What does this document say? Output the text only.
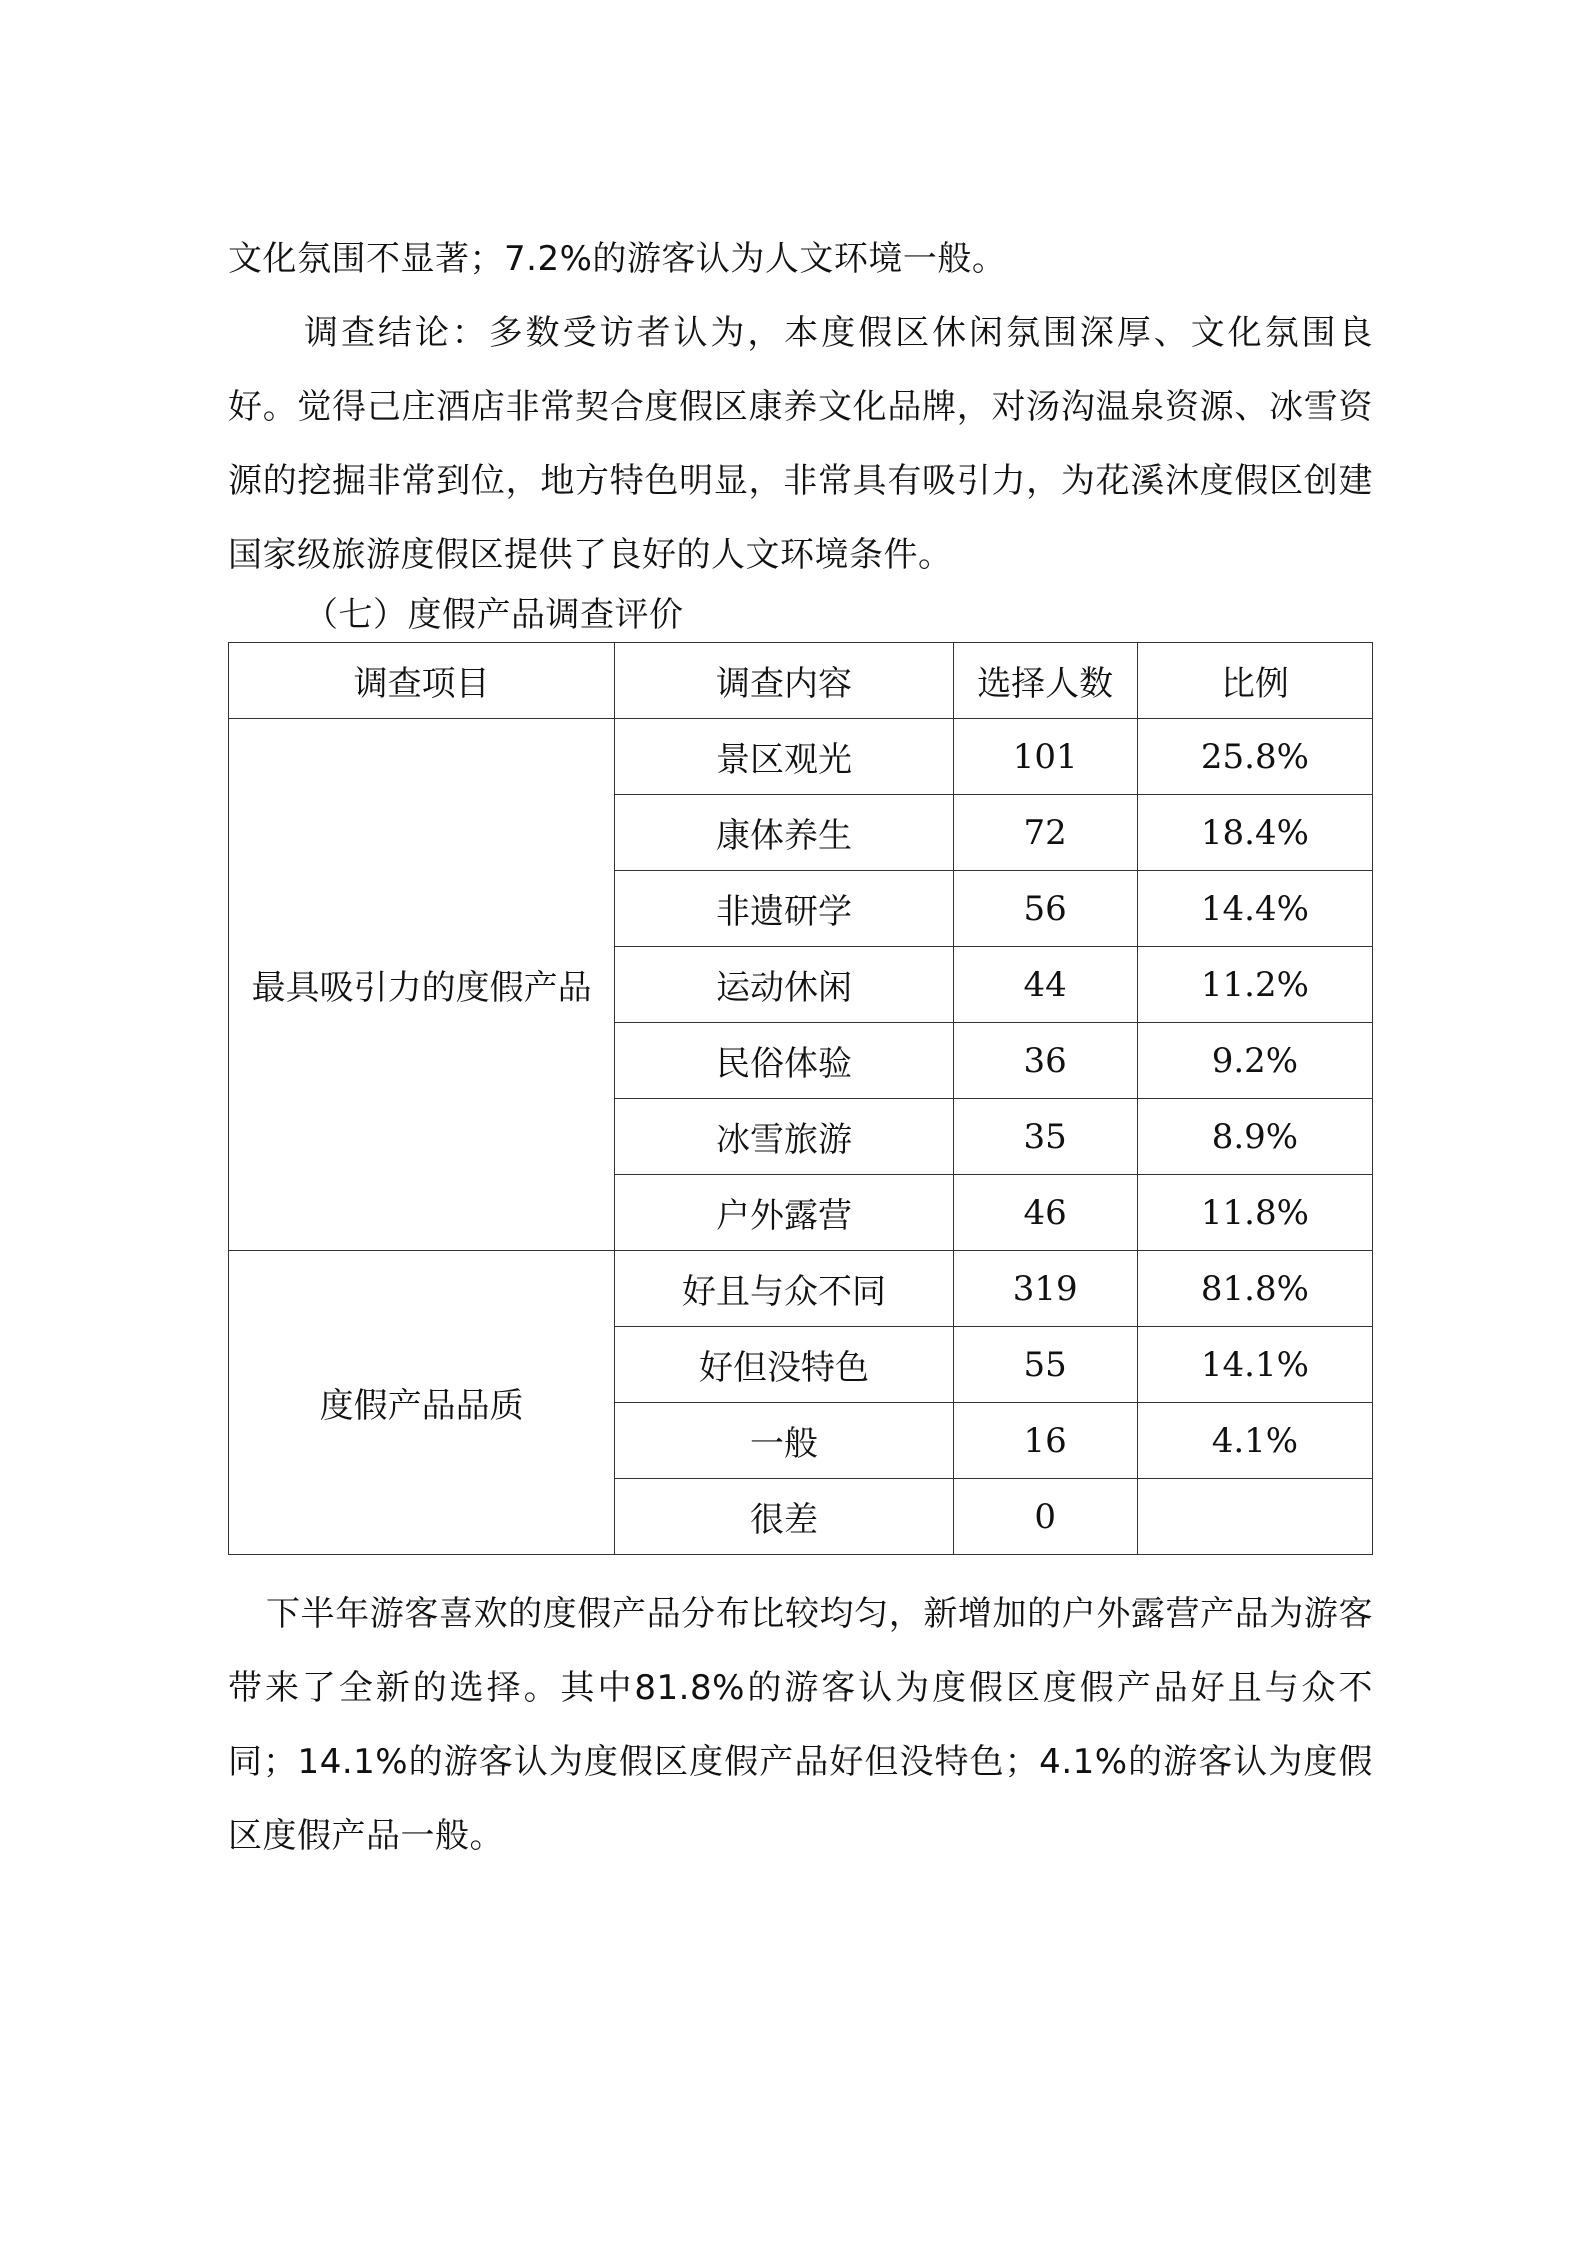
文化氛围不显著；7.2%的游客认为人文环境一般。

调查结论：多数受访者认为，本度假区休闲氛围深厚、文化氛围良好。觉得己庄酒店非常契合度假区康养文化品牌，对汤沟温泉资源、冰雪资源的挖掘非常到位，地方特色明显，非常具有吸引力，为花溪沐度假区创建国家级旅游度假区提供了良好的人文环境条件。

（七）度假产品调查评价
调查项目	调查内容	选择人数	比例
最具吸引力的度假产品	景区观光	101	25.8%
	康体养生	72	18.4%
	非遗研学	56	14.4%
	运动休闲	44	11.2%
	民俗体验	36	9.2%
	冰雪旅游	35	8.9%
	户外露营	46	11.8%
度假产品品质	好且与众不同	319	81.8%
	好但没特色	55	14.1%
	一般	16	4.1%
	很差	0	

下半年游客喜欢的度假产品分布比较均匀，新增加的户外露营产品为游客带来了全新的选择。其中81.8%的游客认为度假区度假产品好且与众不同；14.1%的游客认为度假区度假产品好但没特色；4.1%的游客认为度假区度假产品一般。
